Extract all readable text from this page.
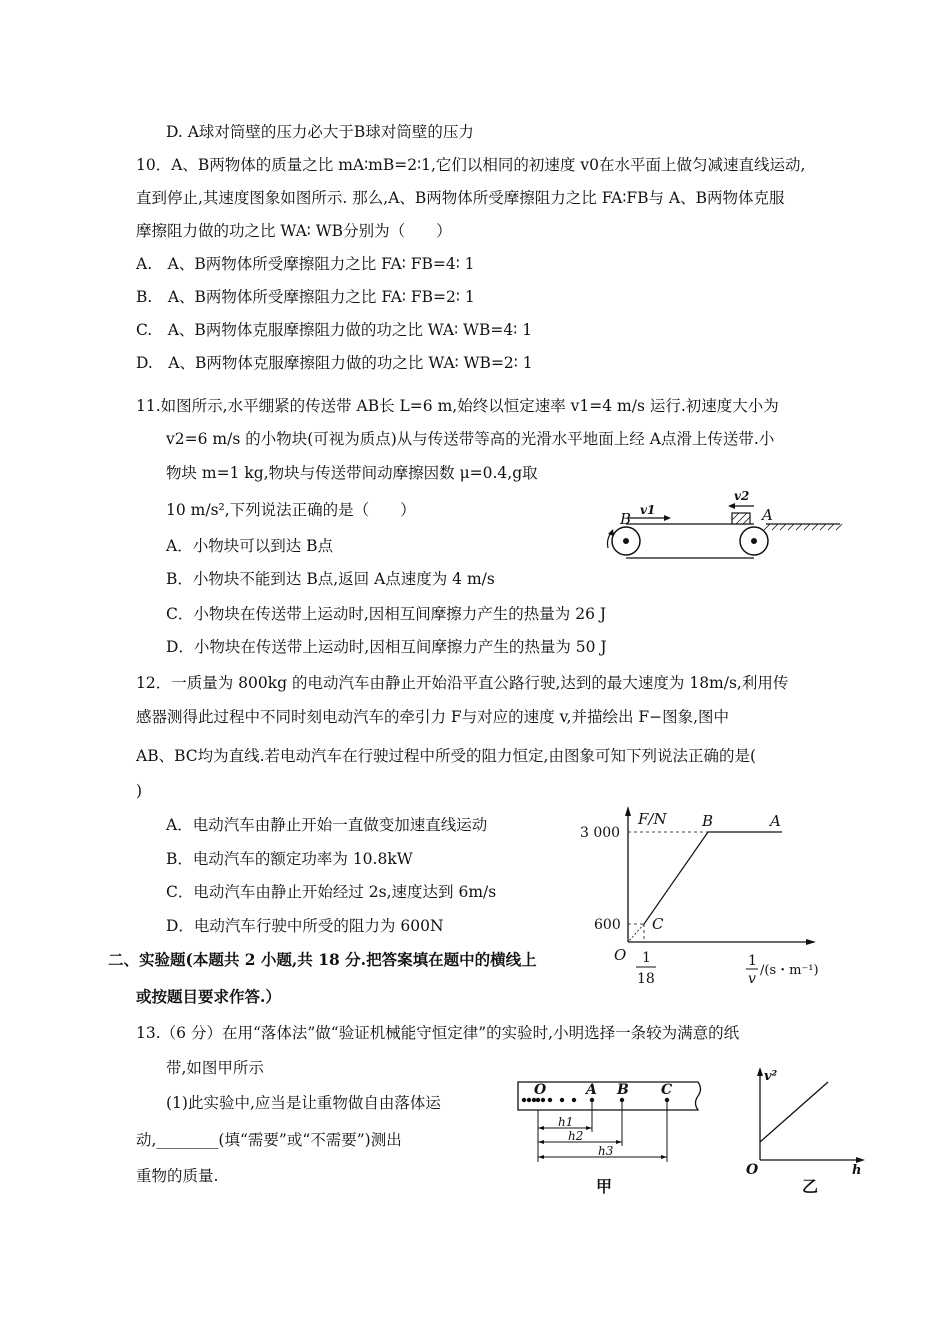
D. A球对筒壁的压力必大于B球对筒壁的压力
10．A、B两物体的质量之比 mA∶mB=2∶1,它们以相同的初速度 v0在水平面上做匀减速直线运动,
直到停止,其速度图象如图所示. 那么,A、B两物体所受摩擦阻力之比 FA∶FB与 A、B两物体克服
摩擦阻力做的功之比 WA∶ WB分别为（　　）
A.　A、B两物体所受摩擦阻力之比 FA∶ FB=4∶ 1
B.　A、B两物体所受摩擦阻力之比 FA∶ FB=2∶ 1
C.　A、B两物体克服摩擦阻力做的功之比 WA∶ WB=4∶ 1
D.　A、B两物体克服摩擦阻力做的功之比 WA∶ WB=2∶ 1
11.如图所示,水平绷紧的传送带 AB长 L=6 m,始终以恒定速率 v1=4 m/s 运行.初速度大小为
v2=6 m/s 的小物块(可视为质点)从与传送带等高的光滑水平地面上经 A点滑上传送带.小
物块 m=1 kg,物块与传送带间动摩擦因数 μ=0.4,g取
10 m/s²,下列说法正确的是（　　）
A．小物块可以到达 B点
B．小物块不能到达 B点,返回 A点速度为 4 m/s
C．小物块在传送带上运动时,因相互间摩擦力产生的热量为 26 J
D．小物块在传送带上运动时,因相互间摩擦力产生的热量为 50 J
12．一质量为 800kg 的电动汽车由静止开始沿平直公路行驶,达到的最大速度为 18m/s,利用传
感器测得此过程中不同时刻电动汽车的牵引力 F与对应的速度 v,并描绘出 F−图象,图中
AB、BC均为直线.若电动汽车在行驶过程中所受的阻力恒定,由图象可知下列说法正确的是(
)
A．电动汽车由静止开始一直做变加速直线运动
B．电动汽车的额定功率为 10.8kW
C．电动汽车由静止开始经过 2s,速度达到 6m/s
D．电动汽车行驶中所受的阻力为 600N
二、实验题(本题共 2 小题,共 18 分.把答案填在题中的横线上
或按题目要求作答.）
13.（6 分）在用“落体法”做“验证机械能守恒定律”的实验时,小明选择一条较为满意的纸
带,如图甲所示
(1)此实验中,应当是让重物做自由落体运
动,________(填“需要”或“不需要”)测出
重物的质量.
B	A
v1
v2
F/N
3 000
600
B	A
C
O 1
18
1
v
/(s・m⁻¹)
O	A B C
h1
h2
h3
甲
v²
h
O
乙
